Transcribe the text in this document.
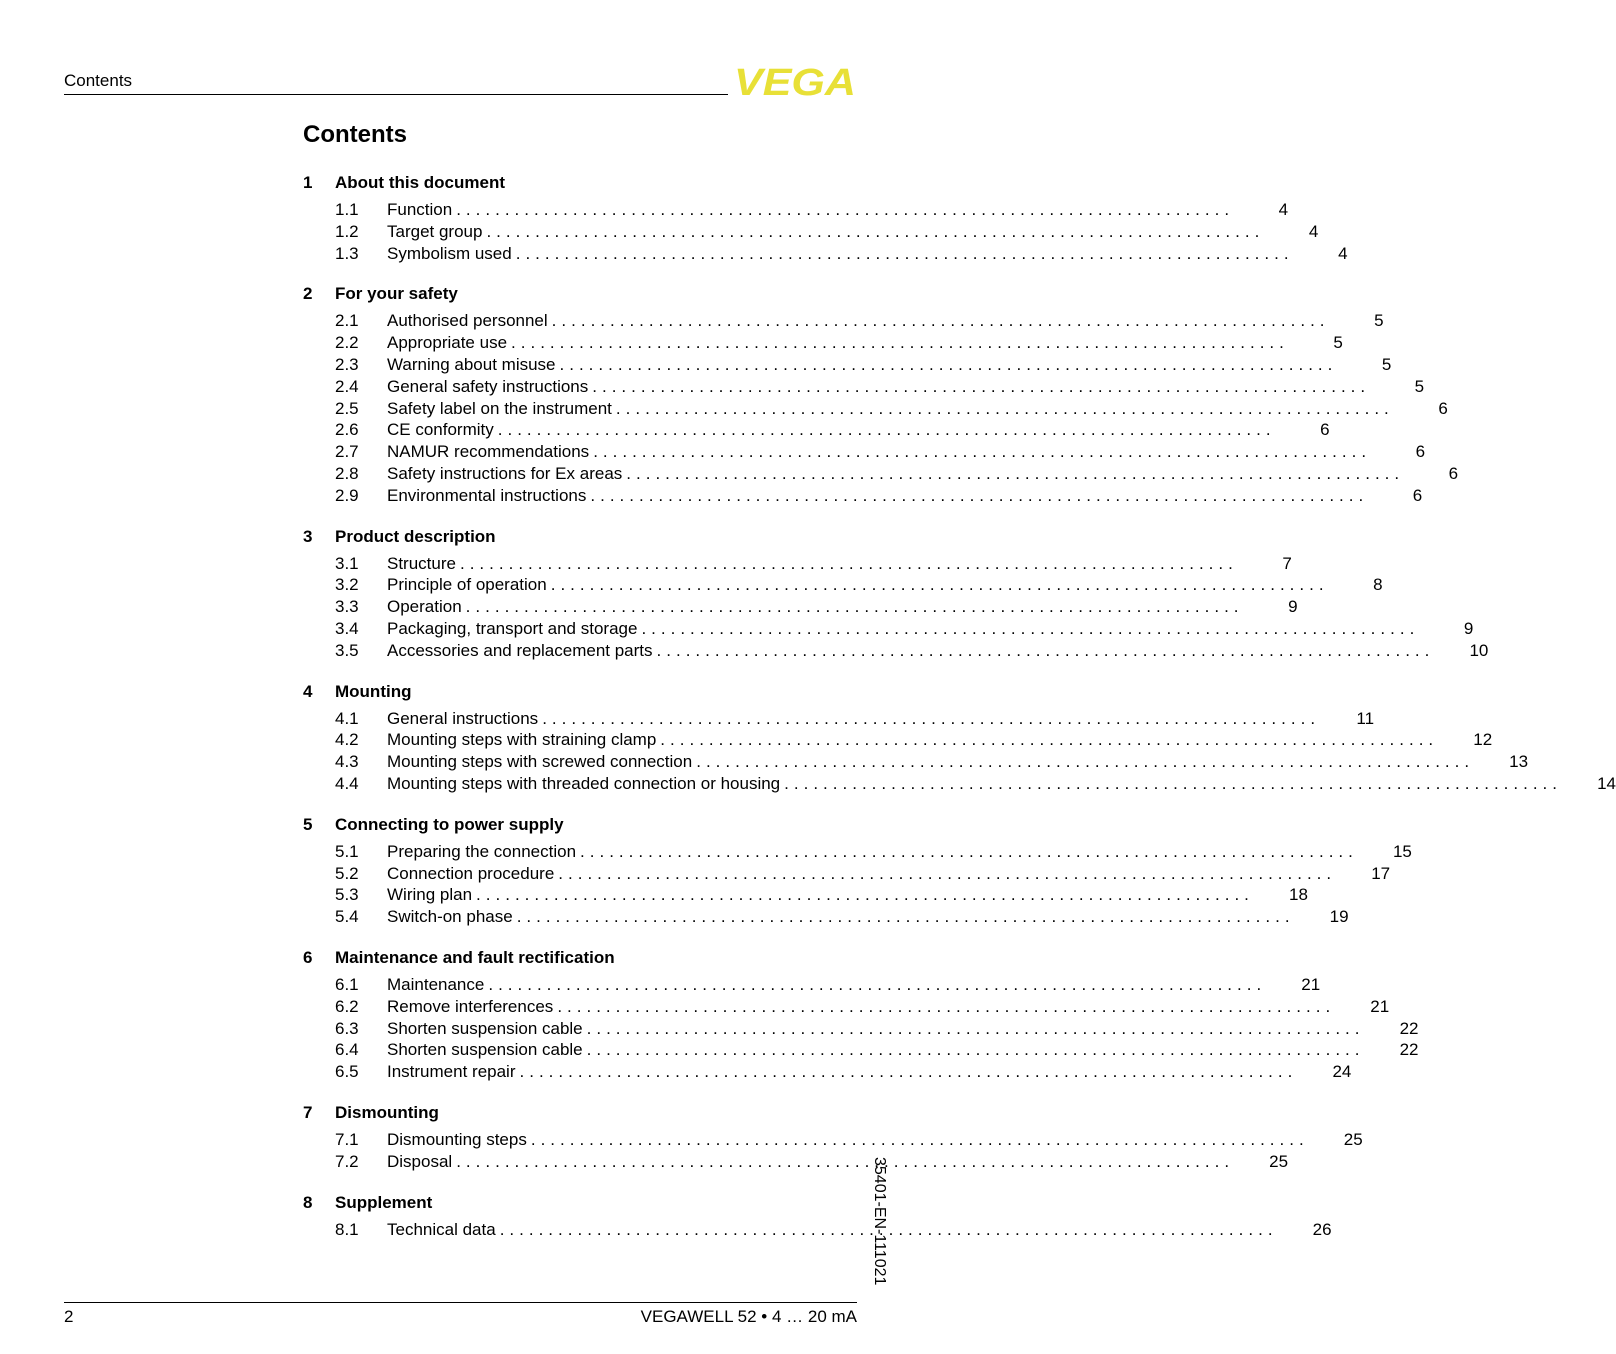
Contents	VEGA
Contents
1	About this document
1.1	Function ................................................................................	4
1.2	Target group ................................................................................	4
1.3	Symbolism used ................................................................................	4
2	For your safety
2.1	Authorised personnel ................................................................................	5
2.2	Appropriate use ................................................................................	5
2.3	Warning about misuse ................................................................................	5
2.4	General safety instructions ................................................................................	5
2.5	Safety label on the instrument ................................................................................	6
2.6	CE conformity ................................................................................	6
2.7	NAMUR recommendations ................................................................................	6
2.8	Safety instructions for Ex areas ................................................................................	6
2.9	Environmental instructions ................................................................................	6
3	Product description
3.1	Structure ................................................................................	7
3.2	Principle of operation ................................................................................	8
3.3	Operation ................................................................................	9
3.4	Packaging, transport and storage ................................................................................	9
3.5	Accessories and replacement parts ................................................................................	10
4	Mounting
4.1	General instructions ................................................................................	11
4.2	Mounting steps with straining clamp ................................................................................	12
4.3	Mounting steps with screwed connection ................................................................................	13
4.4	Mounting steps with threaded connection or housing ................................................................................	14
5	Connecting to power supply
5.1	Preparing the connection ................................................................................	15
5.2	Connection procedure ................................................................................	17
5.3	Wiring plan ................................................................................	18
5.4	Switch-on phase ................................................................................	19
6	Maintenance and fault rectification
6.1	Maintenance ................................................................................	21
6.2	Remove interferences ................................................................................	21
6.3	Shorten suspension cable ................................................................................	22
6.4	Shorten suspension cable ................................................................................	22
6.5	Instrument repair ................................................................................	24
7	Dismounting
7.1	Dismounting steps ................................................................................	25
7.2	Disposal ................................................................................	25
8	Supplement
8.1	Technical data ................................................................................	26
35401-EN-111021
2	VEGAWELL 52 • 4 … 20 mA
